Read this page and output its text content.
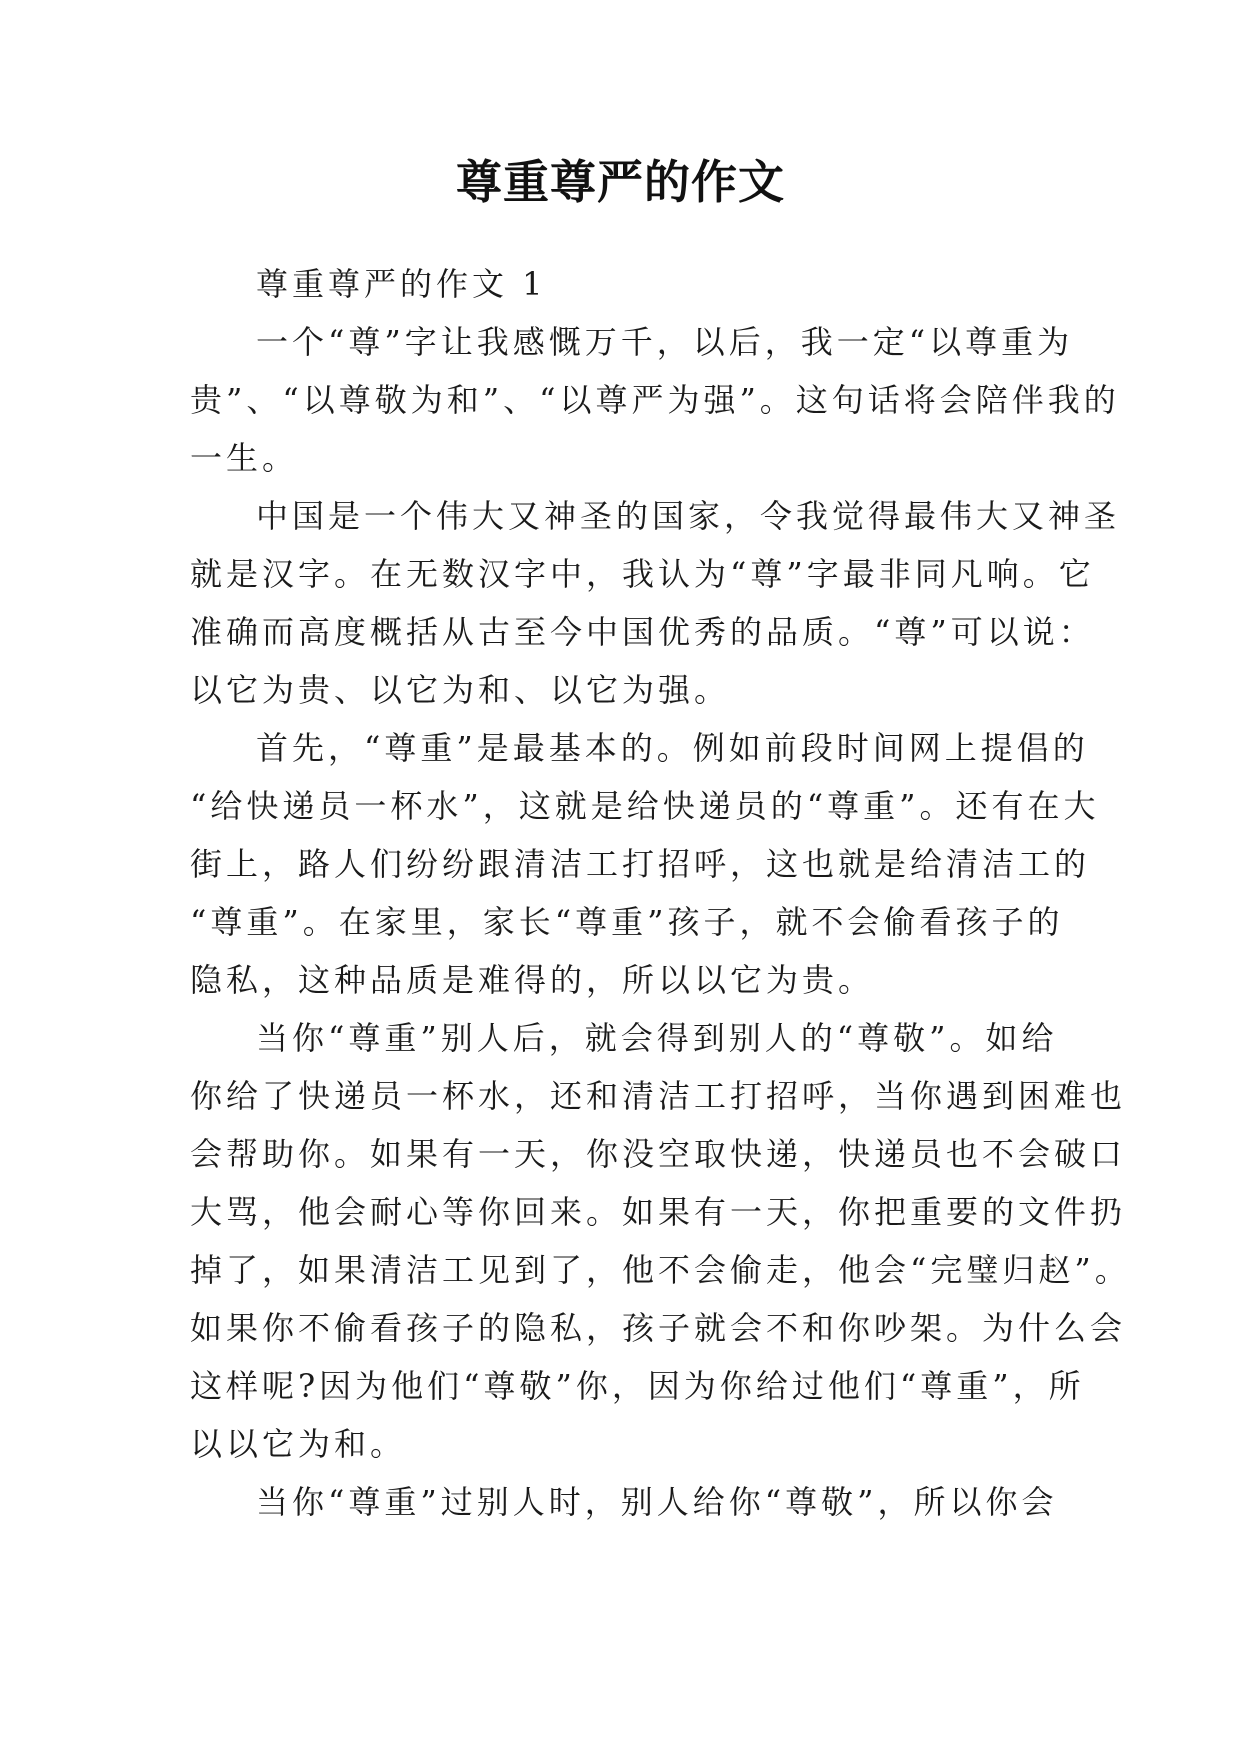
尊重尊严的作文
尊重尊严的作文 1
一个“尊”字让我感慨万千，以后，我一定“以尊重为
贵”、“以尊敬为和”、“以尊严为强”。这句话将会陪伴我的
一生。
中国是一个伟大又神圣的国家，令我觉得最伟大又神圣
就是汉字。在无数汉字中，我认为“尊”字最非同凡响。它
准确而高度概括从古至今中国优秀的品质。“尊”可以说：
以它为贵、以它为和、以它为强。
首先，“尊重”是最基本的。例如前段时间网上提倡的
“给快递员一杯水”，这就是给快递员的“尊重”。还有在大
街上，路人们纷纷跟清洁工打招呼，这也就是给清洁工的
“尊重”。在家里，家长“尊重”孩子，就不会偷看孩子的
隐私，这种品质是难得的，所以以它为贵。
当你“尊重”别人后，就会得到别人的“尊敬”。如给
你给了快递员一杯水，还和清洁工打招呼，当你遇到困难也
会帮助你。如果有一天，你没空取快递，快递员也不会破口
大骂，他会耐心等你回来。如果有一天，你把重要的文件扔
掉了，如果清洁工见到了，他不会偷走，他会“完璧归赵”。
如果你不偷看孩子的隐私，孩子就会不和你吵架。为什么会
这样呢?因为他们“尊敬”你，因为你给过他们“尊重”，所
以以它为和。
当你“尊重”过别人时，别人给你“尊敬”，所以你会
